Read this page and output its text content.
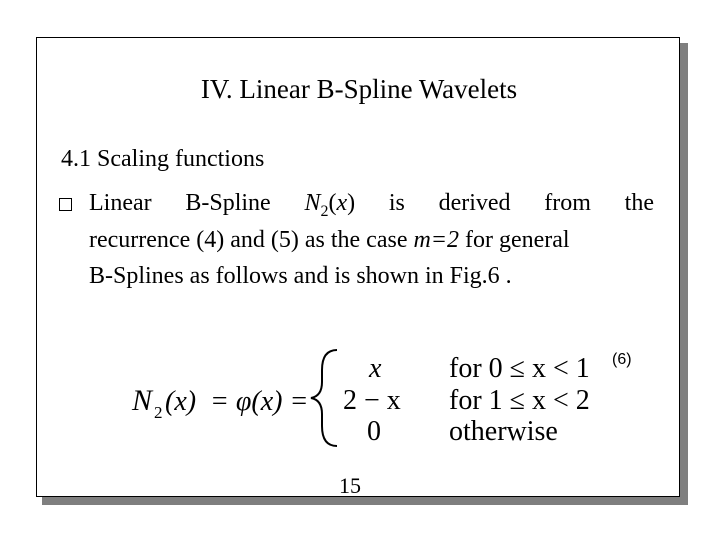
IV. Linear B-Spline Wavelets

4.1 Scaling functions

Linear B-Spline $N_2(x)$ is derived from the
recurrence (4) and (5) as the case m=2 for general
B-Splines as follows and is shown in Fig.6 .

N 2 (x) = φ(x) =
x
2 − x
0
for 0 ≤ x < 1
for 1 ≤ x < 2
otherwise
(6)

15
